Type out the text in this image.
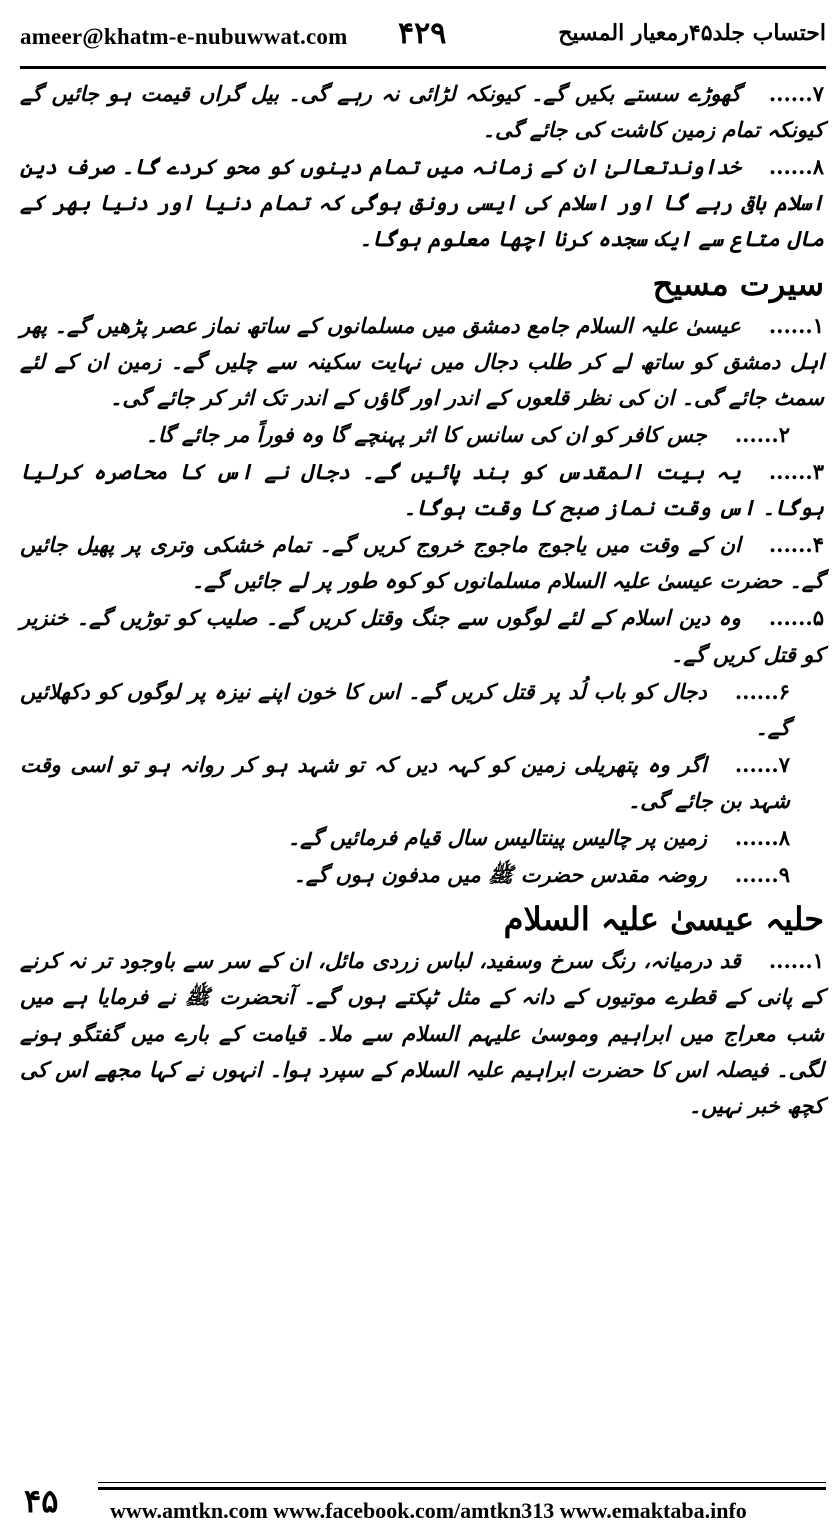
ameer@khatm-e-nubuwwat.com ۴۲۹	احتساب جلد۴۵رمعیار المسیح

۷......گھوڑے سستے بکیں گے۔ کیونکہ لڑائی نہ رہے گی۔ بیل گراں قیمت ہو جائیں گے کیونکہ تمام زمین کاشت کی جائے گی۔

۸......خداوندتعالیٰ ان کے زمانہ میں تمام دینوں کو محو کردے گا۔ صرف دین اسلام باقی رہے گا اور اسلام کی ایسی رونق ہوگی کہ تمام دنیا اور دنیا بھر کے مال متاع سے ایک سجدہ کرنا اچھا معلوم ہوگا۔

سیرت مسیح

۱......عیسیٰ علیہ السلام جامع دمشق میں مسلمانوں کے ساتھ نماز عصر پڑھیں گے۔ پھر اہل دمشق کو ساتھ لے کر طلب دجال میں نہایت سکینہ سے چلیں گے۔ زمین ان کے لئے سمٹ جائے گی۔ ان کی نظر قلعوں کے اندر اور گاؤں کے اندر تک اثر کر جائے گی۔

۲......جس کافر کو ان کی سانس کا اثر پہنچے گا وہ فوراً مر جائے گا۔

۳......یہ بیت المقدس کو بند پائیں گے۔ دجال نے اس کا محاصرہ کرلیا ہوگا۔ اس وقت نماز صبح کا وقت ہوگا۔

۴......ان کے وقت میں یاجوج ماجوج خروج کریں گے۔ تمام خشکی وتری پر پھیل جائیں گے۔ حضرت عیسیٰ علیہ السلام مسلمانوں کو کوہ طور پر لے جائیں گے۔

۵......وہ دین اسلام کے لئے لوگوں سے جنگ وقتل کریں گے۔ صلیب کو توڑیں گے۔ خنزیر کو قتل کریں گے۔

۶......دجال کو باب لُد پر قتل کریں گے۔ اس کا خون اپنے نیزہ پر لوگوں کو دکھلائیں گے۔

۷......اگر وہ پتھریلی زمین کو کہہ دیں کہ تو شہد ہو کر روانہ ہو تو اسی وقت شہد بن جائے گی۔

۸......زمین پر چالیس پینتالیس سال قیام فرمائیں گے۔

۹......روضہ مقدس حضرت ﷺ میں مدفون ہوں گے۔

حلیہ عیسیٰ علیہ السلام

۱......قد درمیانہ، رنگ سرخ وسفید، لباس زردی مائل، ان کے سر سے باوجود تر نہ کرنے کے پانی کے قطرے موتیوں کے دانہ کے مثل ٹپکتے ہوں گے۔ آنحضرت ﷺ نے فرمایا ہے میں شب معراج میں ابراہیم وموسیٰ علیہم السلام سے ملا۔ قیامت کے بارے میں گفتگو ہونے لگی۔ فیصلہ اس کا حضرت ابراہیم علیہ السلام کے سپرد ہوا۔ انہوں نے کہا مجھے اس کی کچھ خبر نہیں۔

۴۵ www.amtkn.com www.facebook.com/amtkn313 www.emaktaba.info
